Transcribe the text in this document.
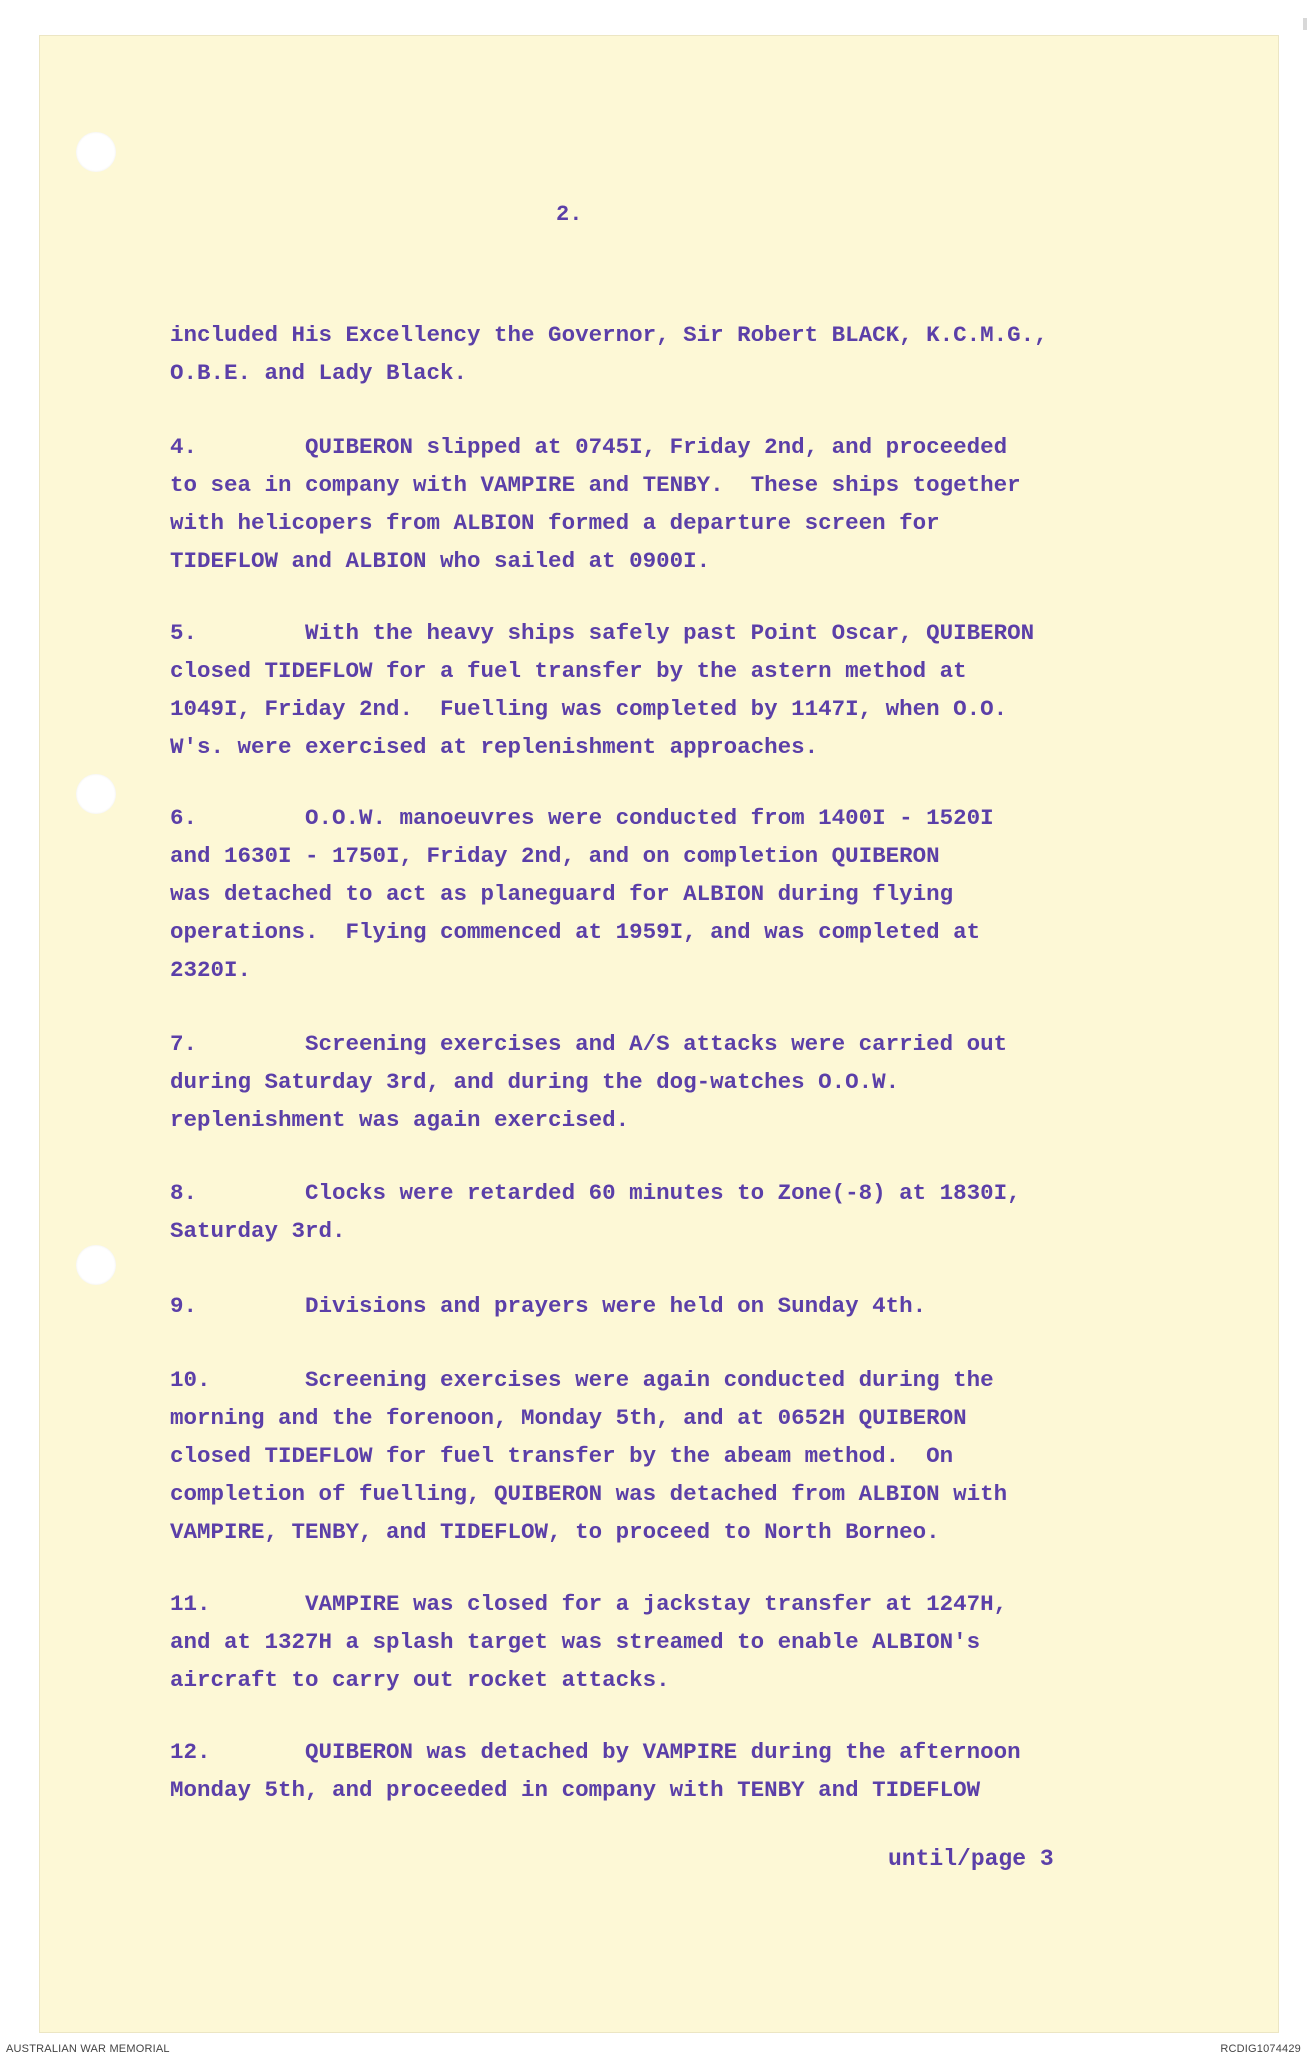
2.
included His Excellency the Governor, Sir Robert BLACK, K.C.M.G.,
O.B.E. and Lady Black.
4.        QUIBERON slipped at 0745I, Friday 2nd, and proceeded
to sea in company with VAMPIRE and TENBY.  These ships together
with helicopers from ALBION formed a departure screen for
TIDEFLOW and ALBION who sailed at 0900I.
5.        With the heavy ships safely past Point Oscar, QUIBERON
closed TIDEFLOW for a fuel transfer by the astern method at
1049I, Friday 2nd.  Fuelling was completed by 1147I, when O.O.
W's. were exercised at replenishment approaches.
6.        O.O.W. manoeuvres were conducted from 1400I - 1520I
and 1630I - 1750I, Friday 2nd, and on completion QUIBERON
was detached to act as planeguard for ALBION during flying
operations.  Flying commenced at 1959I, and was completed at
2320I.
7.        Screening exercises and A/S attacks were carried out
during Saturday 3rd, and during the dog-watches O.O.W.
replenishment was again exercised.
8.        Clocks were retarded 60 minutes to Zone(-8) at 1830I,
Saturday 3rd.
9.        Divisions and prayers were held on Sunday 4th.
10.       Screening exercises were again conducted during the
morning and the forenoon, Monday 5th, and at 0652H QUIBERON
closed TIDEFLOW for fuel transfer by the abeam method.  On
completion of fuelling, QUIBERON was detached from ALBION with
VAMPIRE, TENBY, and TIDEFLOW, to proceed to North Borneo.
11.       VAMPIRE was closed for a jackstay transfer at 1247H,
and at 1327H a splash target was streamed to enable ALBION's
aircraft to carry out rocket attacks.
12.       QUIBERON was detached by VAMPIRE during the afternoon
Monday 5th, and proceeded in company with TENBY and TIDEFLOW
until/page 3
AUSTRALIAN WAR MEMORIAL	RCDIG1074429
